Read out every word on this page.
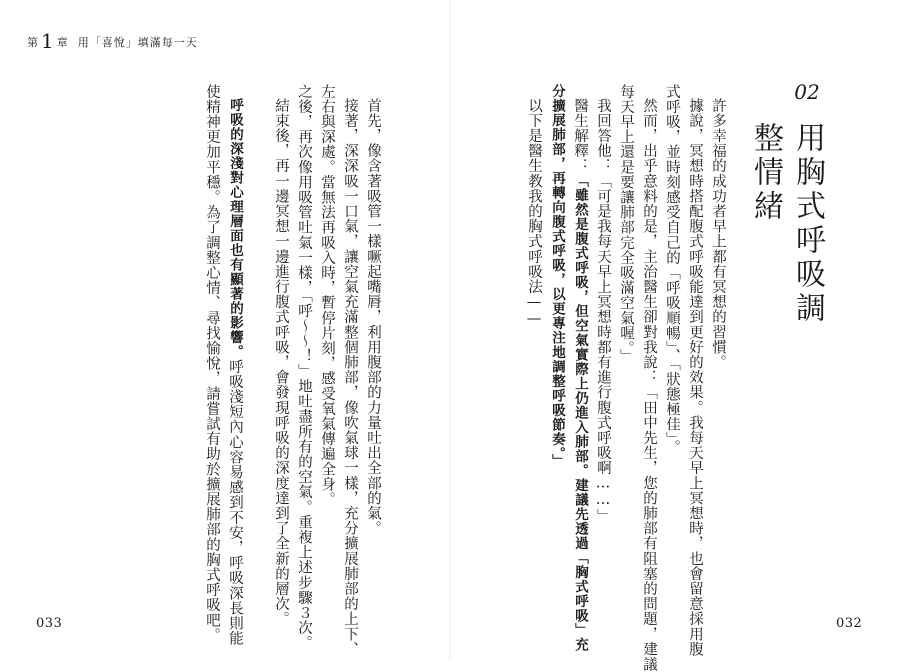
第 1 章 用「喜悅」填滿每一天
02
用胸式呼吸調整情緒
許多幸福的成功者早上都有冥想的習慣。
據說，冥想時搭配腹式呼吸能達到更好的效果。我每天早上冥想時，也會留意採用腹
式呼吸，並時刻感受自己的「呼吸順暢」、「狀態極佳」。
然而，出乎意料的是，主治醫生卻對我說：「田中先生，您的肺部有阻塞的問題，建議
每天早上還是要讓肺部完全吸滿空氣喔。」
我回答他：「可是我每天早上冥想時都有進行腹式呼吸啊……」
醫生解釋：「雖然是腹式呼吸，但空氣實際上仍進入肺部。建議先透過「胸式呼吸」充
分擴展肺部，再轉向腹式呼吸，以更專注地調整呼吸節奏。」
以下是醫生教我的胸式呼吸法——
首先，像含著吸管一樣噘起嘴脣，利用腹部的力量吐出全部的氣。
接著，深深吸一口氣，讓空氣充滿整個肺部，像吹氣球一樣，充分擴展肺部的上下、
左右與深處。當無法再吸入時，暫停片刻，感受氧氣傳遍全身。
之後，再次像用吸管吐氣一樣，「呼～～！」地吐盡所有的空氣。重複上述步驟３次。
結束後，再一邊冥想一邊進行腹式呼吸，會發現呼吸的深度達到了全新的層次。
呼吸的深淺對心理層面也有顯著的影響。呼吸淺短內心容易感到不安，呼吸深長則能
使精神更加平穩。為了調整心情、尋找愉悅，請嘗試有助於擴展肺部的胸式呼吸吧。
033	032
